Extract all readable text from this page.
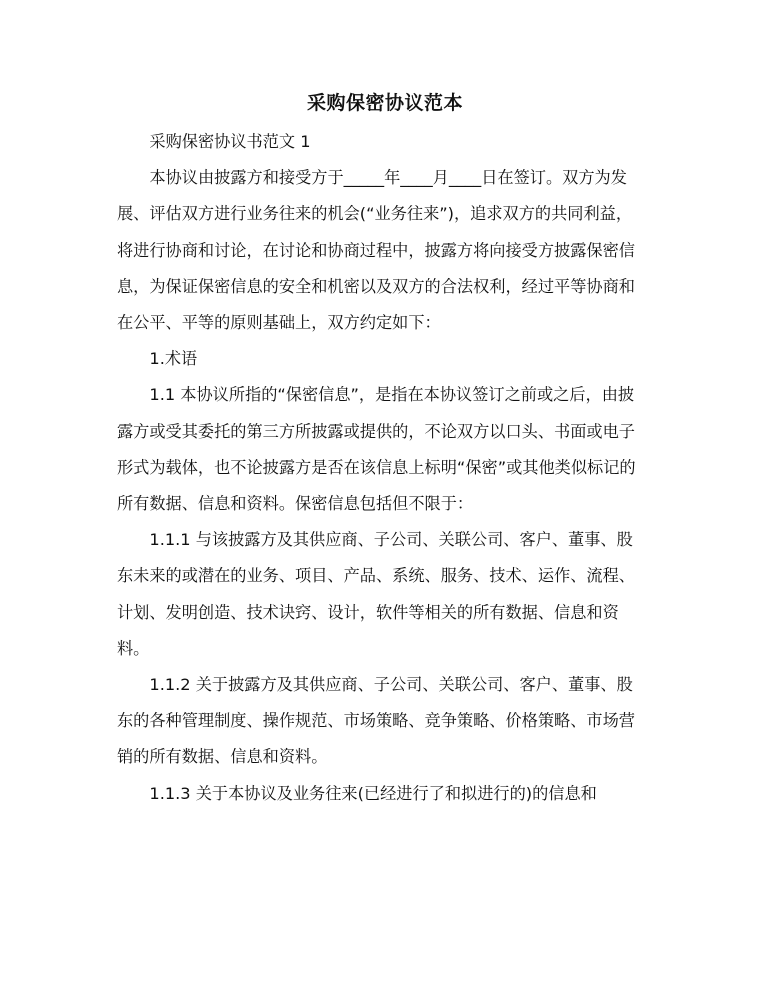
采购保密协议范本

采购保密协议书范文 1

本协议由披露方和接受方于_____年____月____日在签订。双方为发展、评估双方进行业务往来的机会(“业务往来”)，追求双方的共同利益，将进行协商和讨论，在讨论和协商过程中，披露方将向接受方披露保密信息，为保证保密信息的安全和机密以及双方的合法权利，经过平等协商和在公平、平等的原则基础上，双方约定如下：

1.术语

1.1 本协议所指的“保密信息”，是指在本协议签订之前或之后，由披露方或受其委托的第三方所披露或提供的，不论双方以口头、书面或电子形式为载体，也不论披露方是否在该信息上标明“保密”或其他类似标记的所有数据、信息和资料。保密信息包括但不限于：

1.1.1 与该披露方及其供应商、子公司、关联公司、客户、董事、股东未来的或潜在的业务、项目、产品、系统、服务、技术、运作、流程、计划、发明创造、技术诀窍、设计，软件等相关的所有数据、信息和资料。

1.1.2 关于披露方及其供应商、子公司、关联公司、客户、董事、股东的各种管理制度、操作规范、市场策略、竞争策略、价格策略、市场营销的所有数据、信息和资料。

1.1.3 关于本协议及业务往来(已经进行了和拟进行的)的信息和
